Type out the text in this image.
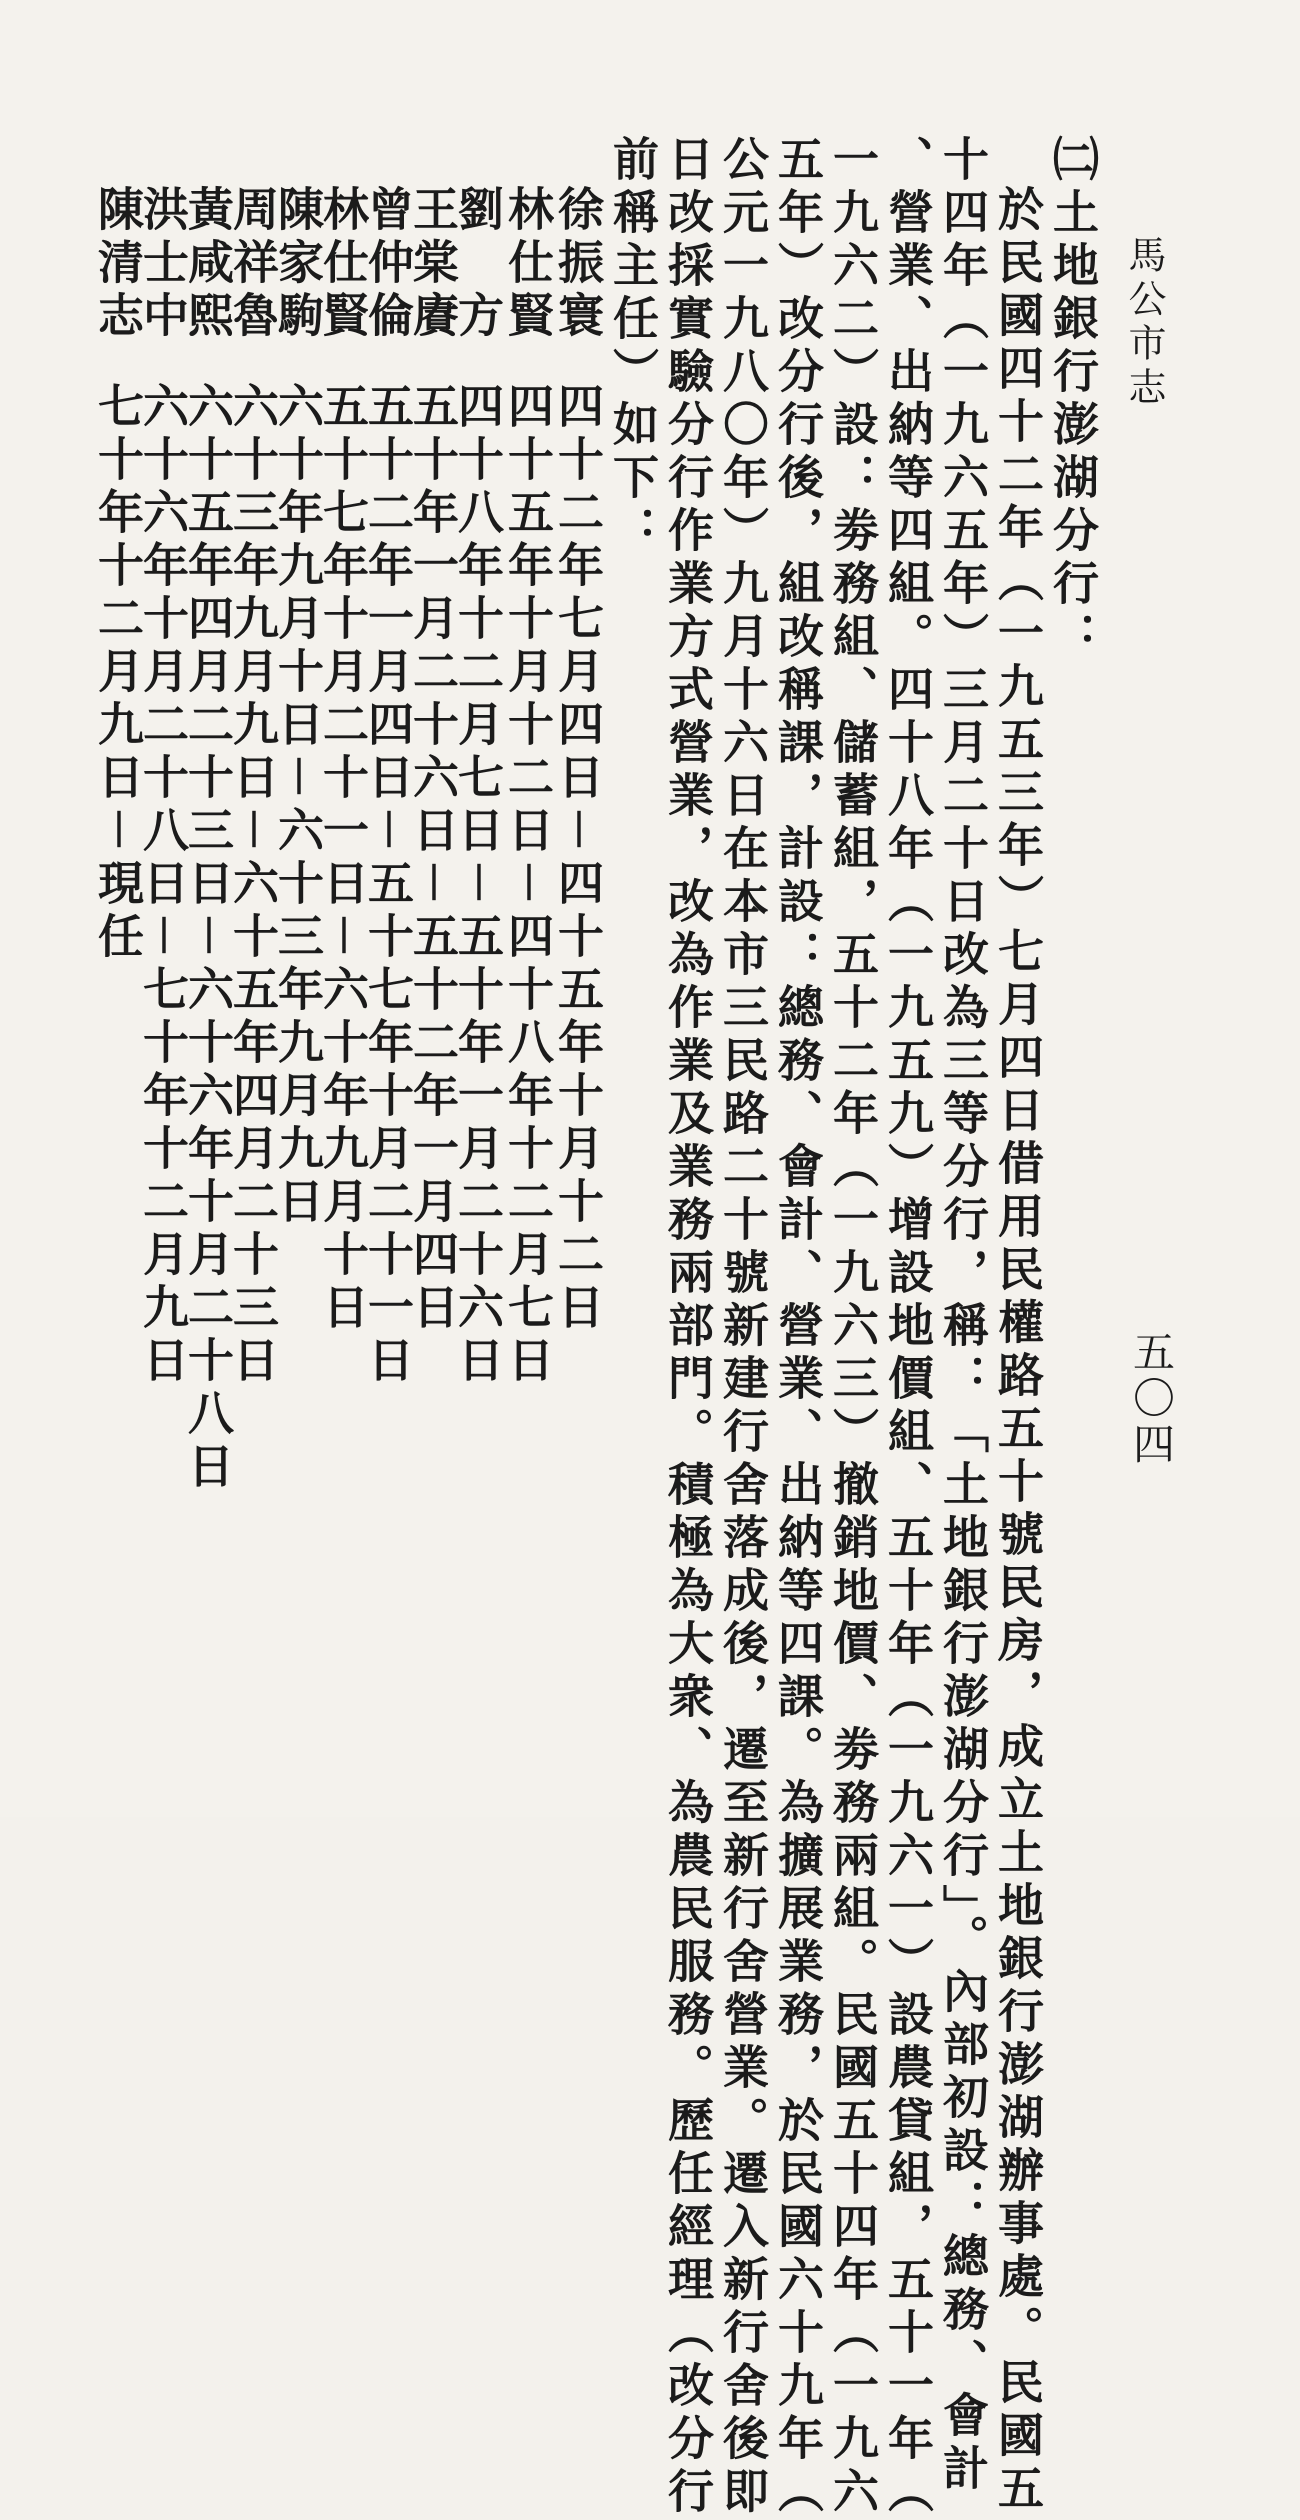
馬公市志
㈡土地銀行澎湖分行：
於民國四十二年（一九五三年）七月四日借用民權路五十號民房，成立土地銀行澎湖辦事處。民國五
十四年（一九六五年）三月二十日改為三等分行，稱：「土地銀行澎湖分行」。內部初設：總務、會計
、營業、出納等四組。四十八年（一九五九）增設地價組、五十年（一九六一）設農貸組，五十一年（
一九六二）設：劵務組、儲蓄組，五十二年（一九六三）撤銷地價、劵務兩組。民國五十四年（一九六
五年）改分行後，組改稱課，計設：總務、會計、營業、出納等四課。為擴展業務，於民國六十九年（
公元一九八〇年）九月十六日在本市三民路二十號新建行舍落成後，遷至新行舍營業。遷入新行舍後即
日改採實驗分行作業方式營業，改為作業及業務兩部門。積極為大衆、為農民服務。歷任經理（改分行
前稱主任）如下：
徐振寰四十二年七月四日－四十五年十月十二日
林仕賢四十五年十月十二日－四十八年十二月七日
劉　方四十八年十二月七日－五十年一月二十六日
王棠賡五十年一月二十六日－五十二年一月四日
曾仲倫五十二年一月四日－五十七年十月二十一日
林仕賢五十七年十月二十一日－六十年九月十日
陳家駒六十年九月十日－六十三年九月九日
周祥魯六十三年九月九日－六十五年四月二十三日
黃咸熙六十五年四月二十三日－六十六年十月二十八日
洪士中六十六年十月二十八日－七十年十二月九日
陳清志七十年十二月九日－現任
五〇四
